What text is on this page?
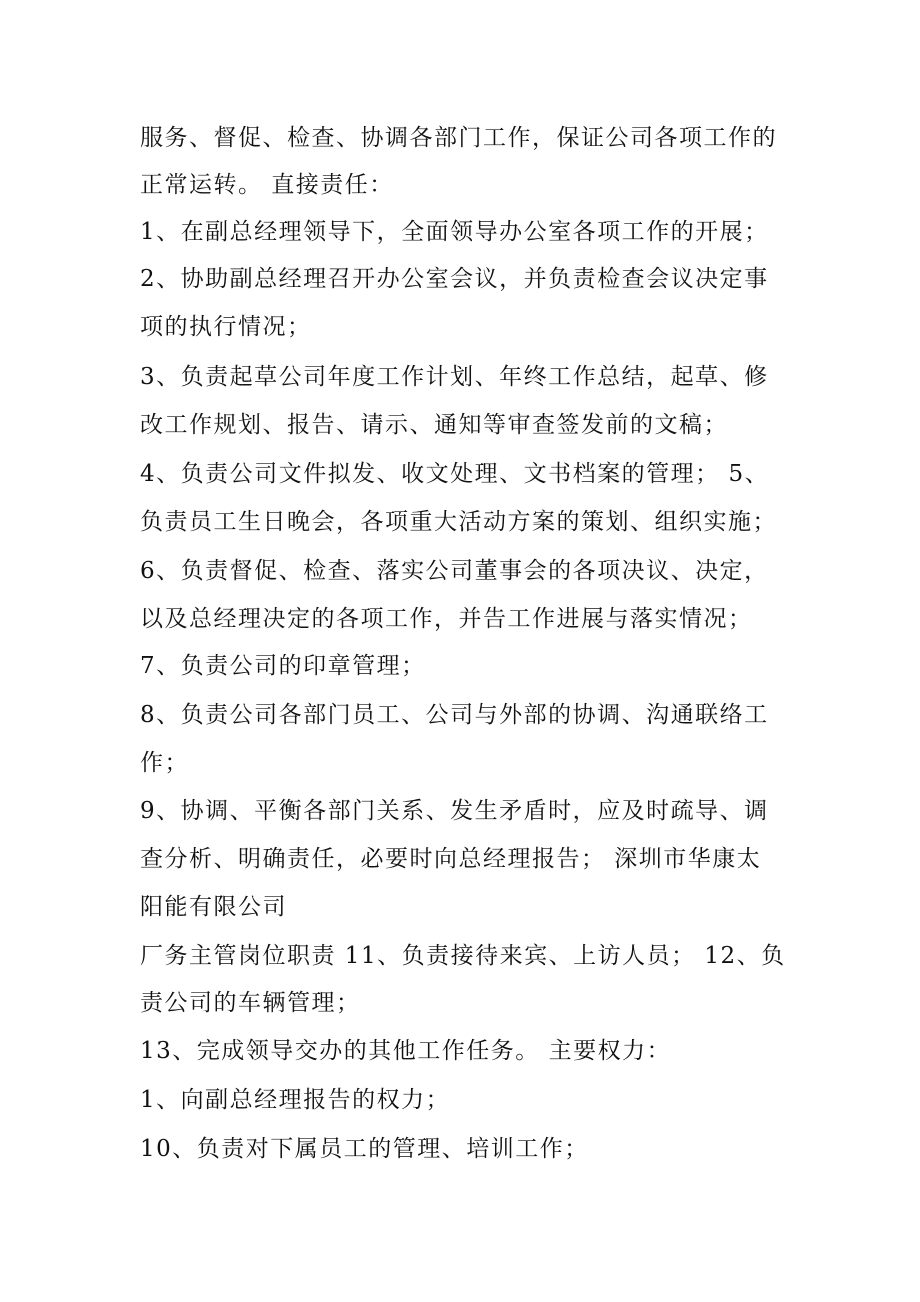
服务、督促、检查、协调各部门工作，保证公司各项工作的
正常运转。 直接责任：
1、在副总经理领导下，全面领导办公室各项工作的开展；
2、协助副总经理召开办公室会议，并负责检查会议决定事
项的执行情况；
3、负责起草公司年度工作计划、年终工作总结，起草、修
改工作规划、报告、请示、通知等审查签发前的文稿；
4、负责公司文件拟发、收文处理、文书档案的管理； 5、
负责员工生日晚会，各项重大活动方案的策划、组织实施；
6、负责督促、检查、落实公司董事会的各项决议、决定，
以及总经理决定的各项工作，并告工作进展与落实情况；
7、负责公司的印章管理；
8、负责公司各部门员工、公司与外部的协调、沟通联络工
作；
9、协调、平衡各部门关系、发生矛盾时，应及时疏导、调
查分析、明确责任，必要时向总经理报告； 深圳市华康太
阳能有限公司
厂务主管岗位职责 11、负责接待来宾、上访人员； 12、负
责公司的车辆管理；
13、完成领导交办的其他工作任务。 主要权力：
1、向副总经理报告的权力；
10、负责对下属员工的管理、培训工作；
